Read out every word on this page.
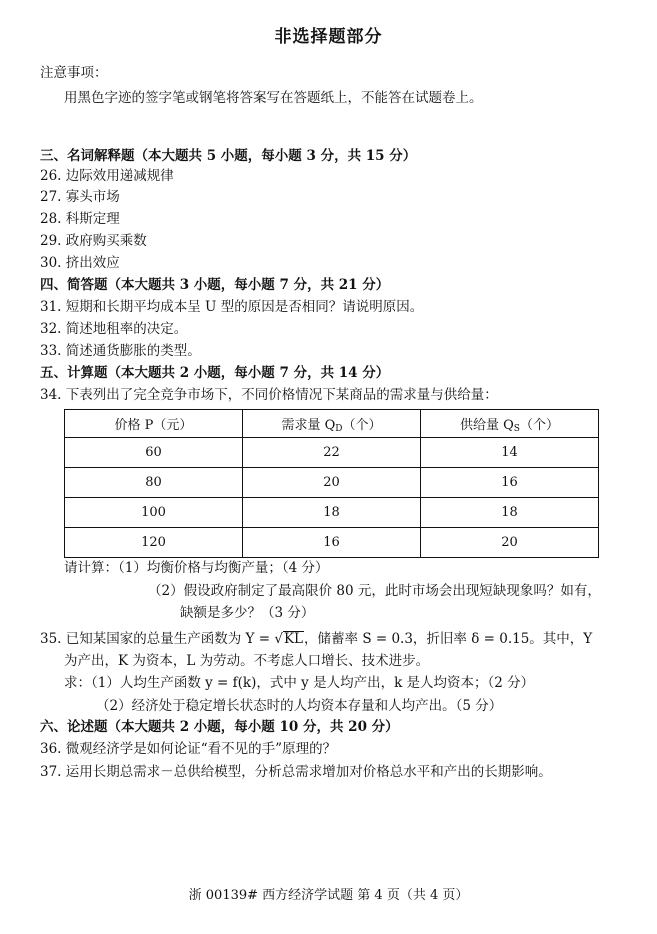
非选择题部分
注意事项：
用黑色字迹的签字笔或钢笔将答案写在答题纸上，不能答在试题卷上。
三、名词解释题（本大题共 5 小题，每小题 3 分，共 15 分）
26. 边际效用递减规律
27. 寡头市场
28. 科斯定理
29. 政府购买乘数
30. 挤出效应
四、简答题（本大题共 3 小题，每小题 7 分，共 21 分）
31. 短期和长期平均成本呈 U 型的原因是否相同？请说明原因。
32. 简述地租率的决定。
33. 简述通货膨胀的类型。
五、计算题（本大题共 2 小题，每小题 7 分，共 14 分）
34. 下表列出了完全竞争市场下，不同价格情况下某商品的需求量与供给量：
价格 P（元）	需求量 $Q_D$（个）	供给量 $Q_S$（个）
60	22	14
80	20	16
100	18	18
120	16	20
请计算：（1）均衡价格与均衡产量；（4 分）
（2）假设政府制定了最高限价 80 元，此时市场会出现短缺现象吗？如有，
缺额是多少？（3 分）
35. 已知某国家的总量生产函数为 Y = √KL，储蓄率 S = 0.3，折旧率 δ = 0.15。其中，Y
为产出，K 为资本，L 为劳动。不考虑人口增长、技术进步。
求：（1）人均生产函数 y = f(k)，式中 y 是人均产出，k 是人均资本；（2 分）
（2）经济处于稳定增长状态时的人均资本存量和人均产出。（5 分）
六、论述题（本大题共 2 小题，每小题 10 分，共 20 分）
36. 微观经济学是如何论证“看不见的手”原理的？
37. 运用长期总需求－总供给模型，分析总需求增加对价格总水平和产出的长期影响。
浙 00139# 西方经济学试题 第 4 页（共 4 页）
